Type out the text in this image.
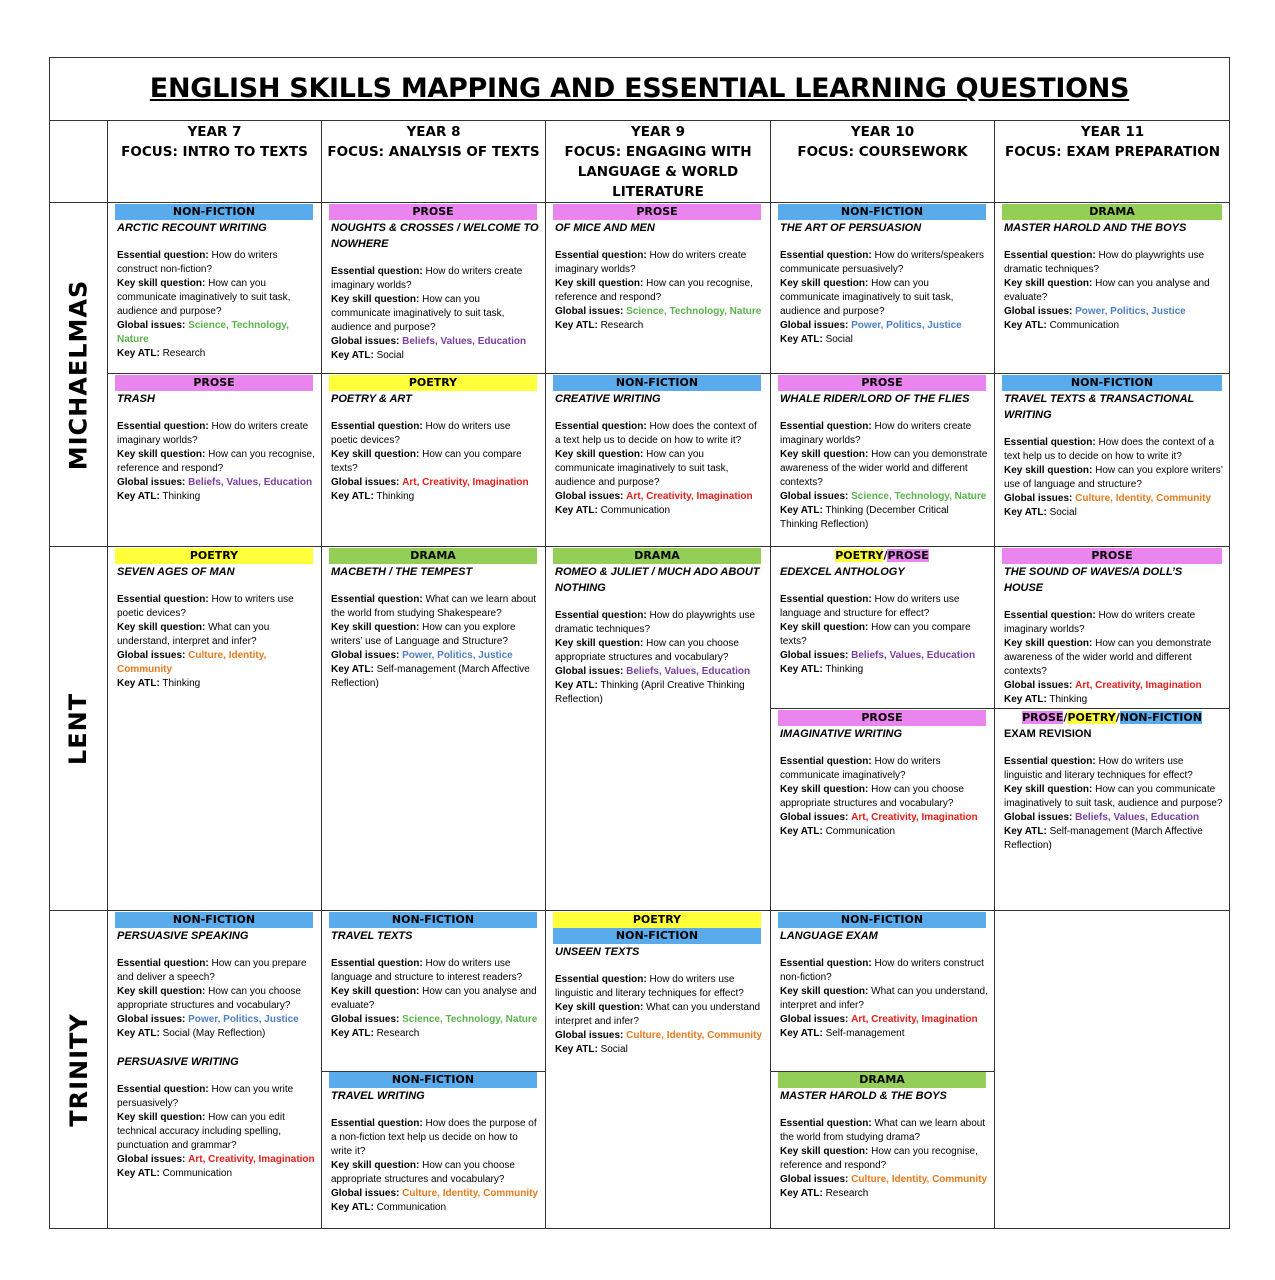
ENGLISH SKILLS MAPPING AND ESSENTIAL LEARNING QUESTIONS
YEAR 7
FOCUS: INTRO TO TEXTS
YEAR 8
FOCUS: ANALYSIS OF TEXTS
YEAR 9
FOCUS: ENGAGING WITH LANGUAGE & WORLD LITERATURE
YEAR 10
FOCUS: COURSEWORK
YEAR 11
FOCUS: EXAM PREPARATION
MICHAELMAS
LENT
TRINITY
NON-FICTION
ARCTIC RECOUNT WRITING

Essential question: How do writers construct non-fiction?

Key skill question: How can you communicate imaginatively to suit task, audience and purpose?

Global issues: Science, Technology, Nature

Key ATL: Research

PROSE
NOUGHTS & CROSSES / WELCOME TO NOWHERE

Essential question: How do writers create imaginary worlds?

Key skill question: How can you communicate imaginatively to suit task, audience and purpose?

Global issues: Beliefs, Values, Education

Key ATL: Social

PROSE
OF MICE AND MEN

Essential question: How do writers create imaginary worlds?

Key skill question: How can you recognise, reference and respond?

Global issues: Science, Technology, Nature

Key ATL: Research

NON-FICTION
THE ART OF PERSUASION

Essential question: How do writers/speakers communicate persuasively?

Key skill question: How can you communicate imaginatively to suit task, audience and purpose?

Global issues: Power, Politics, Justice

Key ATL: Social

DRAMA
MASTER HAROLD AND THE BOYS

Essential question: How do playwrights use dramatic techniques?

Key skill question: How can you analyse and evaluate?

Global issues: Power, Politics, Justice

Key ATL: Communication

PROSE
TRASH

Essential question: How do writers create imaginary worlds?

Key skill question: How can you recognise, reference and respond?

Global issues: Beliefs, Values, Education

Key ATL: Thinking

POETRY
POETRY & ART

Essential question: How do writers use poetic devices?

Key skill question: How can you compare texts?

Global issues: Art, Creativity, Imagination

Key ATL: Thinking

NON-FICTION
CREATIVE WRITING

Essential question: How does the context of a text help us to decide on how to write it?

Key skill question: How can you communicate imaginatively to suit task, audience and purpose?

Global issues: Art, Creativity, Imagination

Key ATL: Communication

PROSE
WHALE RIDER/LORD OF THE FLIES

Essential question: How do writers create imaginary worlds?

Key skill question: How can you demonstrate awareness of the wider world and different contexts?

Global issues: Science, Technology, Nature

Key ATL: Thinking (December Critical Thinking Reflection)

NON-FICTION
TRAVEL TEXTS & TRANSACTIONAL WRITING

Essential question: How does the context of a text help us to decide on how to write it?

Key skill question: How can you explore writers’ use of language and structure?

Global issues: Culture, Identity, Community

Key ATL: Social

POETRY
SEVEN AGES OF MAN

Essential question: How to writers use poetic devices?

Key skill question: What can you understand, interpret and infer?

Global issues: Culture, Identity, Community

Key ATL: Thinking

DRAMA
MACBETH / THE TEMPEST

Essential question: What can we learn about the world from studying Shakespeare?

Key skill question: How can you explore writers’ use of Language and Structure?

Global issues: Power, Politics, Justice

Key ATL: Self-management (March Affective Reflection)

DRAMA
ROMEO & JULIET / MUCH ADO ABOUT NOTHING

Essential question: How do playwrights use dramatic techniques?

Key skill question: How can you choose appropriate structures and vocabulary?

Global issues: Beliefs, Values, Education

Key ATL: Thinking (April Creative Thinking Reflection)

POETRY/PROSE
EDEXCEL ANTHOLOGY

Essential question: How do writers use language and structure for effect?

Key skill question: How can you compare texts?

Global issues: Beliefs, Values, Education

Key ATL: Thinking

PROSE
IMAGINATIVE WRITING

Essential question: How do writers communicate imaginatively?

Key skill question: How can you choose appropriate structures and vocabulary?

Global issues: Art, Creativity, Imagination

Key ATL: Communication

PROSE
THE SOUND OF WAVES/A DOLL’S HOUSE

Essential question: How do writers create imaginary worlds?

Key skill question: How can you demonstrate awareness of the wider world and different contexts?

Global issues: Art, Creativity, Imagination

Key ATL: Thinking

PROSE/POETRY/NON-FICTION
EXAM REVISION

Essential question: How do writers use linguistic and literary techniques for effect?

Key skill question: How can you communicate imaginatively to suit task, audience and purpose?

Global issues: Beliefs, Values, Education

Key ATL: Self-management (March Affective Reflection)

NON-FICTION
PERSUASIVE SPEAKING

Essential question: How can you prepare and deliver a speech?

Key skill question: How can you choose appropriate structures and vocabulary?

Global issues: Power, Politics, Justice

Key ATL: Social (May Reflection)

PERSUASIVE WRITING

Essential question: How can you write persuasively?

Key skill question: How can you edit technical accuracy including spelling, punctuation and grammar?

Global issues: Art, Creativity, Imagination

Key ATL: Communication

NON-FICTION
TRAVEL TEXTS

Essential question: How do writers use language and structure to interest readers?

Key skill question: How can you analyse and evaluate?

Global issues: Science, Technology, Nature

Key ATL: Research

NON-FICTION
TRAVEL WRITING

Essential question: How does the purpose of a non-fiction text help us decide on how to write it?

Key skill question: How can you choose appropriate structures and vocabulary?

Global issues: Culture, Identity, Community

Key ATL: Communication

POETRY
NON-FICTION
UNSEEN TEXTS

Essential question: How do writers use linguistic and literary techniques for effect?

Key skill question: What can you understand interpret and infer?

Global issues: Culture, Identity, Community

Key ATL: Social

NON-FICTION
LANGUAGE EXAM

Essential question: How do writers construct non-fiction?

Key skill question: What can you understand, interpret and infer?

Global issues: Art, Creativity, Imagination

Key ATL: Self-management

DRAMA
MASTER HAROLD & THE BOYS

Essential question: What can we learn about the world from studying drama?

Key skill question: How can you recognise, reference and respond?

Global issues: Culture, Identity, Community

Key ATL: Research
